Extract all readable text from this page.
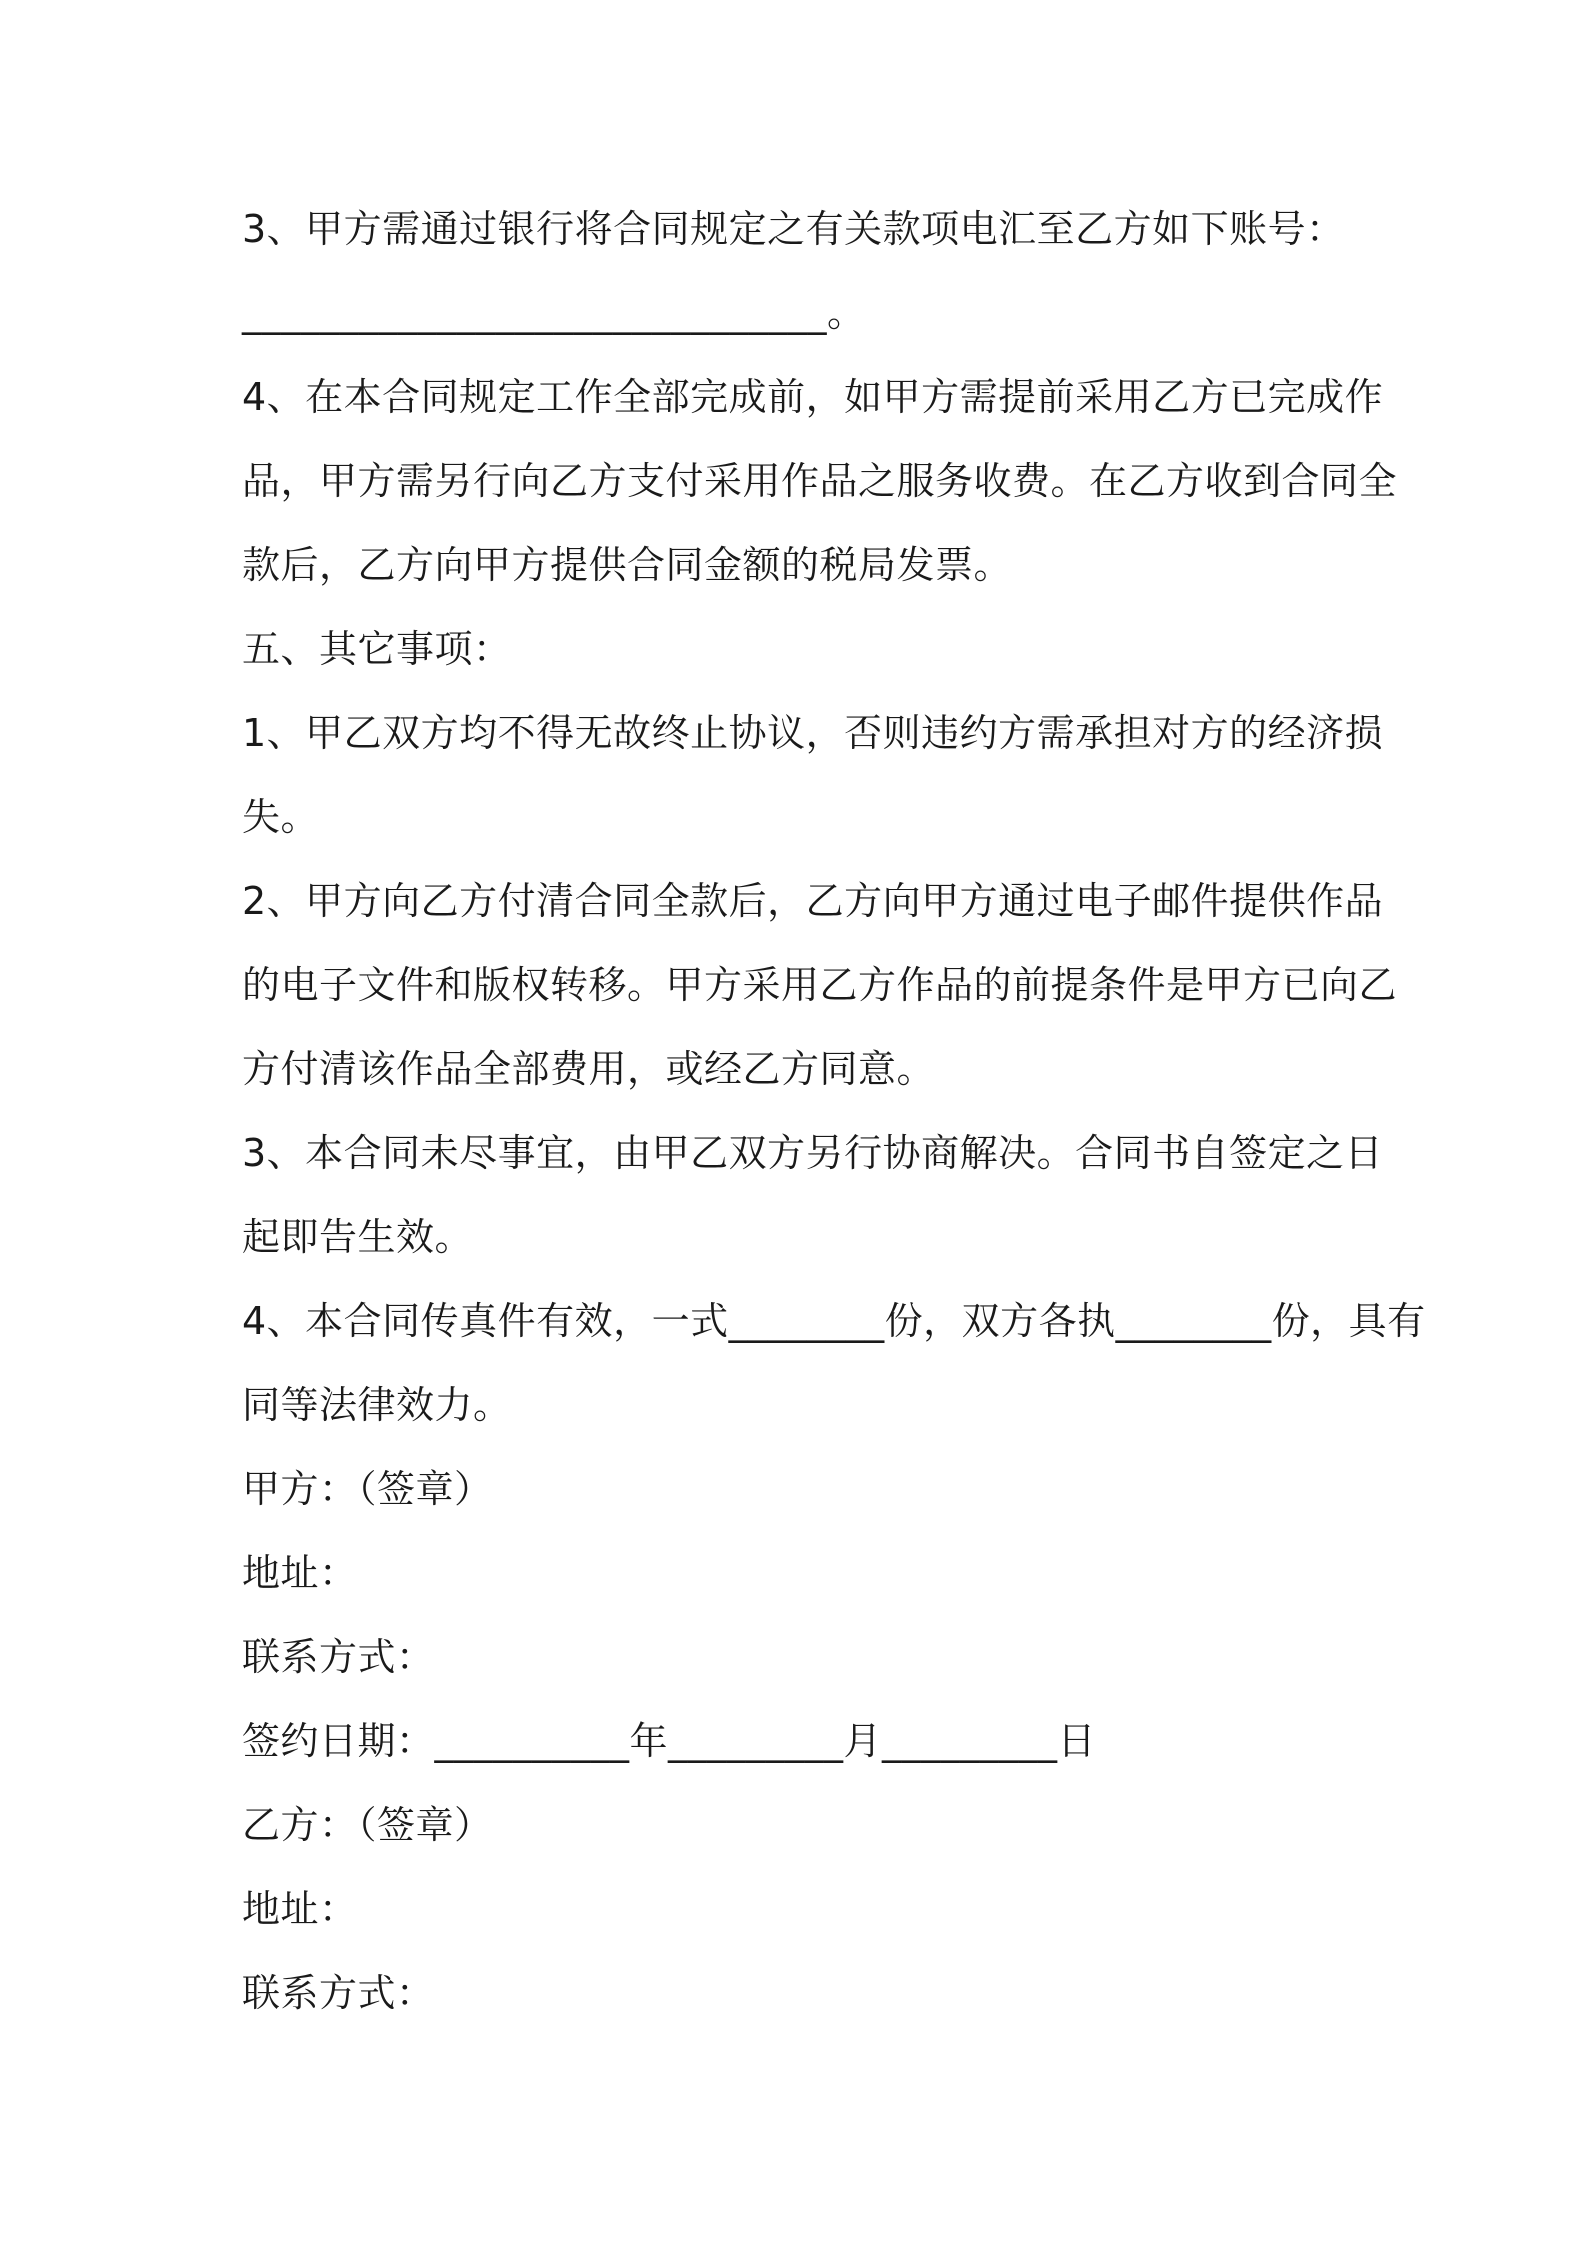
3、甲方需通过银行将合同规定之有关款项电汇至乙方如下账号：
______________________________。
4、在本合同规定工作全部完成前，如甲方需提前采用乙方已完成作
品，甲方需另行向乙方支付采用作品之服务收费。在乙方收到合同全
款后，乙方向甲方提供合同金额的税局发票。
五、其它事项：
1、甲乙双方均不得无故终止协议，否则违约方需承担对方的经济损
失。
2、甲方向乙方付清合同全款后，乙方向甲方通过电子邮件提供作品
的电子文件和版权转移。甲方采用乙方作品的前提条件是甲方已向乙
方付清该作品全部费用，或经乙方同意。
3、本合同未尽事宜，由甲乙双方另行协商解决。合同书自签定之日
起即告生效。
4、本合同传真件有效，一式________份，双方各执________份，具有
同等法律效力。
甲方：（签章）
地址：
联系方式：
签约日期：__________年_________月_________日
乙方：（签章）
地址：
联系方式：
